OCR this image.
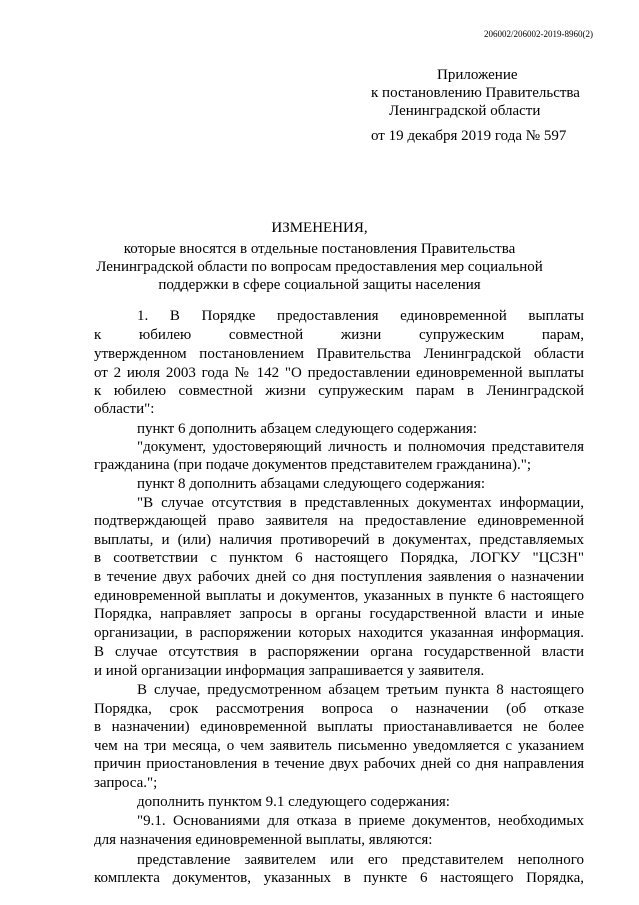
206002/206002-2019-8960(2)
Приложение
к постановлению Правительства
Ленинградской области
от 19 декабря 2019 года № 597
ИЗМЕНЕНИЯ,
которые вносятся в отдельные постановления Правительства
Ленинградской области по вопросам предоставления мер социальной
поддержки в сфере социальной защиты населения
1. В Порядке предоставления единовременной выплаты
к юбилею совместной жизни супружеским парам,
утвержденном постановлением Правительства Ленинградской области
от 2 июля 2003 года № 142 "О предоставлении единовременной выплаты
к юбилею совместной жизни супружеским парам в Ленинградской
области":
пункт 6 дополнить абзацем следующего содержания:
"документ, удостоверяющий личность и полномочия представителя
гражданина (при подаче документов представителем гражданина).";
пункт 8 дополнить абзацами следующего содержания:
"В случае отсутствия в представленных документах информации,
подтверждающей право заявителя на предоставление единовременной
выплаты, и (или) наличия противоречий в документах, представляемых
в соответствии с пунктом 6 настоящего Порядка, ЛОГКУ "ЦСЗН"
в течение двух рабочих дней со дня поступления заявления о назначении
единовременной выплаты и документов, указанных в пункте 6 настоящего
Порядка, направляет запросы в органы государственной власти и иные
организации, в распоряжении которых находится указанная информация.
В случае отсутствия в распоряжении органа государственной власти
и иной организации информация запрашивается у заявителя.
В случае, предусмотренном абзацем третьим пункта 8 настоящего
Порядка, срок рассмотрения вопроса о назначении (об отказе
в назначении) единовременной выплаты приостанавливается не более
чем на три месяца, о чем заявитель письменно уведомляется с указанием
причин приостановления в течение двух рабочих дней со дня направления
запроса.";
дополнить пунктом 9.1 следующего содержания:
"9.1. Основаниями для отказа в приеме документов, необходимых
для назначения единовременной выплаты, являются:
представление заявителем или его представителем неполного
комплекта документов, указанных в пункте 6 настоящего Порядка,
